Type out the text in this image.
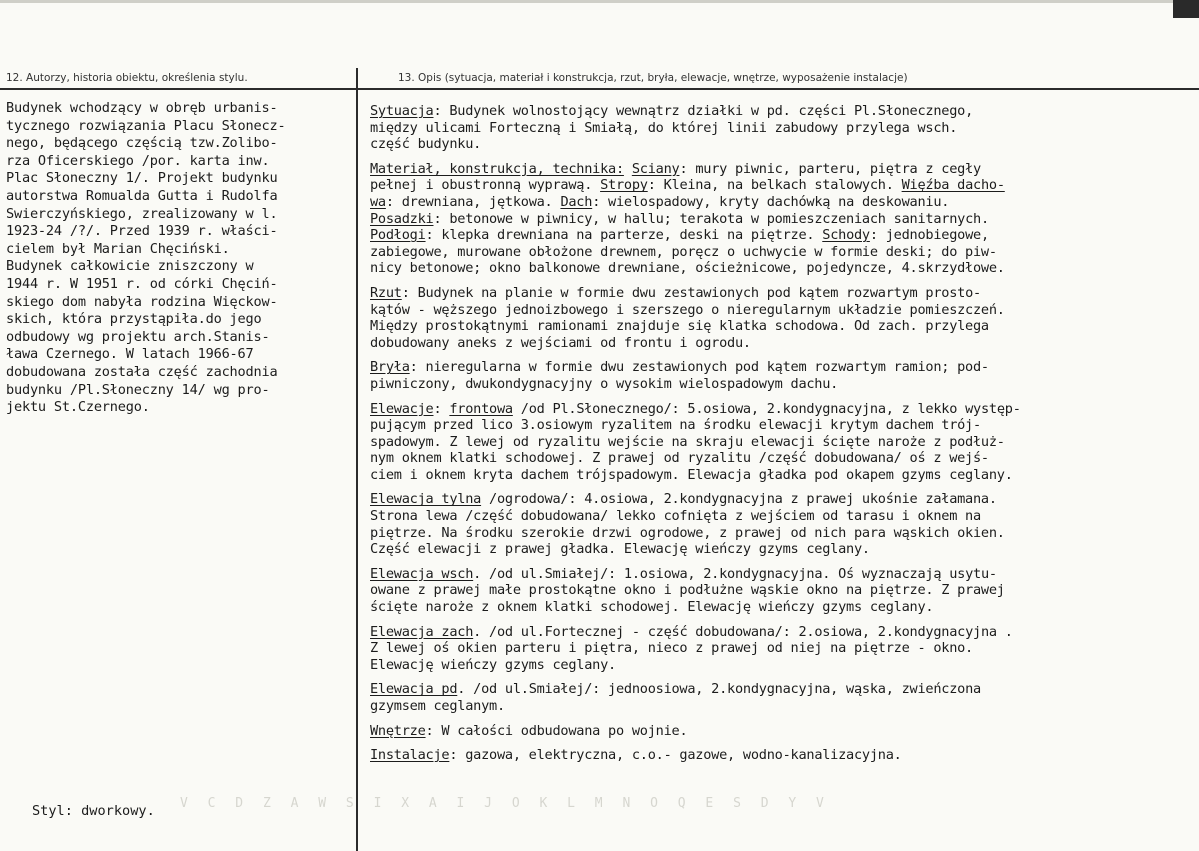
12. Autorzy, historia obiektu, określenia stylu.	13. Opis (sytuacja, materiał i konstrukcja, rzut, bryła, elewacje, wnętrze, wyposażenie instalacje)
Budynek wchodzący w obręb urbanis-
tycznego rozwiązania Placu Słonecz-
nego, będącego częścią tzw.Zolibo-
rza Oficerskiego /por. karta inw.
Plac Słoneczny 1/. Projekt budynku
autorstwa Romualda Gutta i Rudolfa
Swierczyńskiego, zrealizowany w l.
1923-24 /?/. Przed 1939 r. właści-
cielem był Marian Chęciński.
Budynek całkowicie zniszczony w
1944 r. W 1951 r. od córki Chęciń-
skiego dom nabyła rodzina Więckow-
skich, która przystąpiła.do jego
odbudowy wg projektu arch.Stanis-
ława Czernego. W latach 1966-67
dobudowana została część zachodnia
budynku /Pl.Słoneczny 14/ wg pro-
jektu St.Czernego.
Styl: dworkowy. V C D Z A W S I X A I J O K L M N O Q E S D Y V
Sytuacja: Budynek wolnostojący wewnątrz działki w pd. części Pl.Słonecznego,
między ulicami Forteczną i Smiałą, do której linii zabudowy przylega wsch.
część budynku.
Materiał, konstrukcja, technika: Sciany: mury piwnic, parteru, piętra z cegły
pełnej i obustronną wyprawą. Stropy: Kleina, na belkach stalowych. Więźba dacho-
wa: drewniana, jętkowa. Dach: wielospadowy, kryty dachówką na deskowaniu.
Posadzki: betonowe w piwnicy, w hallu; terakota w pomieszczeniach sanitarnych.
Podłogi: klepka drewniana na parterze, deski na piętrze. Schody: jednobiegowe,
zabiegowe, murowane obłożone drewnem, poręcz o uchwycie w formie deski; do piw-
nicy betonowe; okno balkonowe drewniane, ościeżnicowe, pojedyncze, 4.skrzydłowe.
Rzut: Budynek na planie w formie dwu zestawionych pod kątem rozwartym prosto-
kątów - węższego jednoizbowego i szerszego o nieregularnym układzie pomieszczeń.
Między prostokątnymi ramionami znajduje się klatka schodowa. Od zach. przylega
dobudowany aneks z wejściami od frontu i ogrodu.
Bryła: nieregularna w formie dwu zestawionych pod kątem rozwartym ramion; pod-
piwniczony, dwukondygnacyjny o wysokim wielospadowym dachu.
Elewacje: frontowa /od Pl.Słonecznego/: 5.osiowa, 2.kondygnacyjna, z lekko występ-
pującym przed lico 3.osiowym ryzalitem na środku elewacji krytym dachem trój-
spadowym. Z lewej od ryzalitu wejście na skraju elewacji ścięte naroże z podłuż-
nym oknem klatki schodowej. Z prawej od ryzalitu /część dobudowana/ oś z wejś-
ciem i oknem kryta dachem trójspadowym. Elewacja gładka pod okapem gzyms ceglany.
Elewacja tylna /ogrodowa/: 4.osiowa, 2.kondygnacyjna z prawej ukośnie załamana.
Strona lewa /część dobudowana/ lekko cofnięta z wejściem od tarasu i oknem na
piętrze. Na środku szerokie drzwi ogrodowe, z prawej od nich para wąskich okien.
Część elewacji z prawej gładka. Elewację wieńczy gzyms ceglany.
Elewacja wsch. /od ul.Smiałej/: 1.osiowa, 2.kondygnacyjna. Oś wyznaczają usytu-
owane z prawej małe prostokątne okno i podłużne wąskie okno na piętrze. Z prawej
ścięte naroże z oknem klatki schodowej. Elewację wieńczy gzyms ceglany.
Elewacja zach. /od ul.Fortecznej - część dobudowana/: 2.osiowa, 2.kondygnacyjna .
Z lewej oś okien parteru i piętra, nieco z prawej od niej na piętrze - okno.
Elewację wieńczy gzyms ceglany.
Elewacja pd. /od ul.Smiałej/: jednoosiowa, 2.kondygnacyjna, wąska, zwieńczona
gzymsem ceglanym.
Wnętrze: W całości odbudowana po wojnie.
Instalacje: gazowa, elektryczna, c.o.- gazowe, wodno-kanalizacyjna.
